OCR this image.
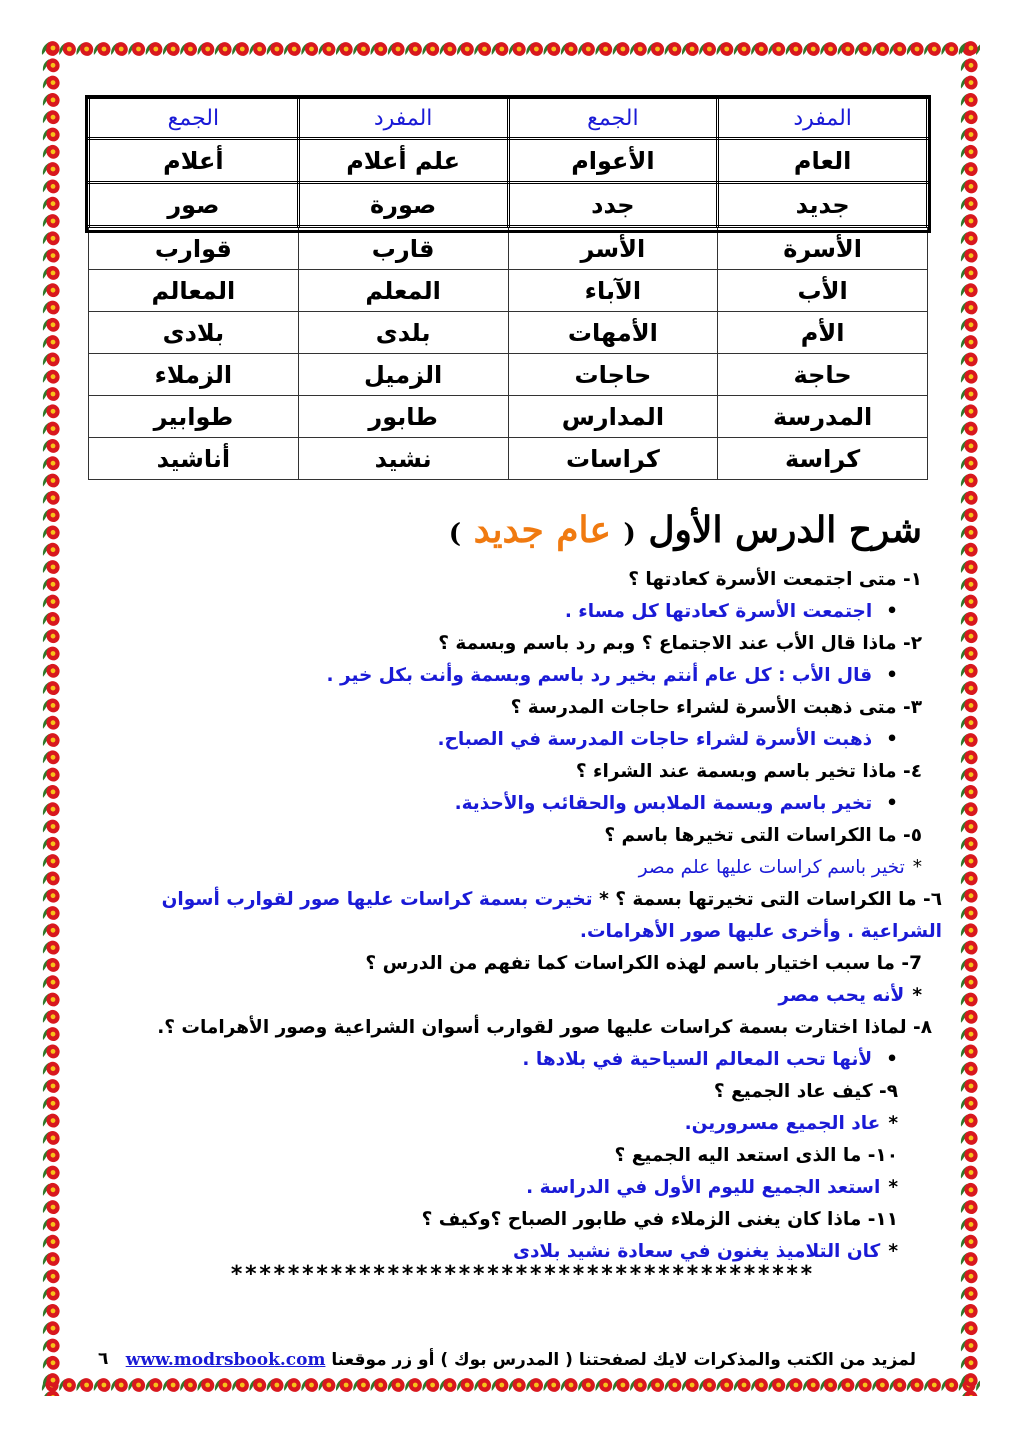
المفرد	الجمع	المفرد	الجمع
العام	الأعوام	علم أعلام	أعلام
جديد	جدد	صورة	صور
الأسرة	الأسر	قارب	قوارب
الأب	الآباء	المعلم	المعالم
الأم	الأمهات	بلدى	بلادى
حاجة	حاجات	الزميل	الزملاء
المدرسة	المدارس	طابور	طوابير
كراسة	كراسات	نشيد	أناشيد
شرح الدرس الأول ( عام جديد )
١- متى اجتمعت الأسرة كعادتها ؟
•اجتمعت الأسرة كعادتها كل مساء .
٢- ماذا قال الأب عند الاجتماع ؟ وبم رد باسم وبسمة ؟
•قال الأب : كل عام أنتم بخير رد باسم وبسمة وأنت بكل خير .
٣- متى ذهبت الأسرة لشراء حاجات المدرسة ؟
•ذهبت الأسرة لشراء حاجات المدرسة في الصباح.
٤- ماذا تخير باسم وبسمة عند الشراء ؟
•تخير باسم وبسمة الملابس والحقائب والأحذية.
٥- ما الكراسات التى تخيرها باسم ؟
*تخير باسم كراسات عليها علم مصر
٦- ما الكراسات التى تخيرتها بسمة ؟ * تخيرت بسمة كراسات عليها صور لقوارب أسوان الشراعية . وأخرى عليها صور الأهرامات.
7- ما سبب اختيار باسم لهذه الكراسات كما تفهم من الدرس ؟
*لأنه يحب مصر
٨- لماذا اختارت بسمة كراسات عليها صور لقوارب أسوان الشراعية وصور الأهرامات ؟.
•لأنها تحب المعالم السياحية في بلادها .
٩- كيف عاد الجميع ؟
*عاد الجميع مسرورين.
١٠- ما الذى استعد اليه الجميع ؟
*استعد الجميع لليوم الأول في الدراسة .
١١- ماذا كان يغنى الزملاء في طابور الصباح ؟وكيف ؟
*كان التلاميذ يغنون في سعادة نشيد بلادى
*****************************************
لمزيد من الكتب والمذكرات لايك لصفحتنا ( المدرس بوك ) أو زر موقعنا www.modrsbook.com
٦
